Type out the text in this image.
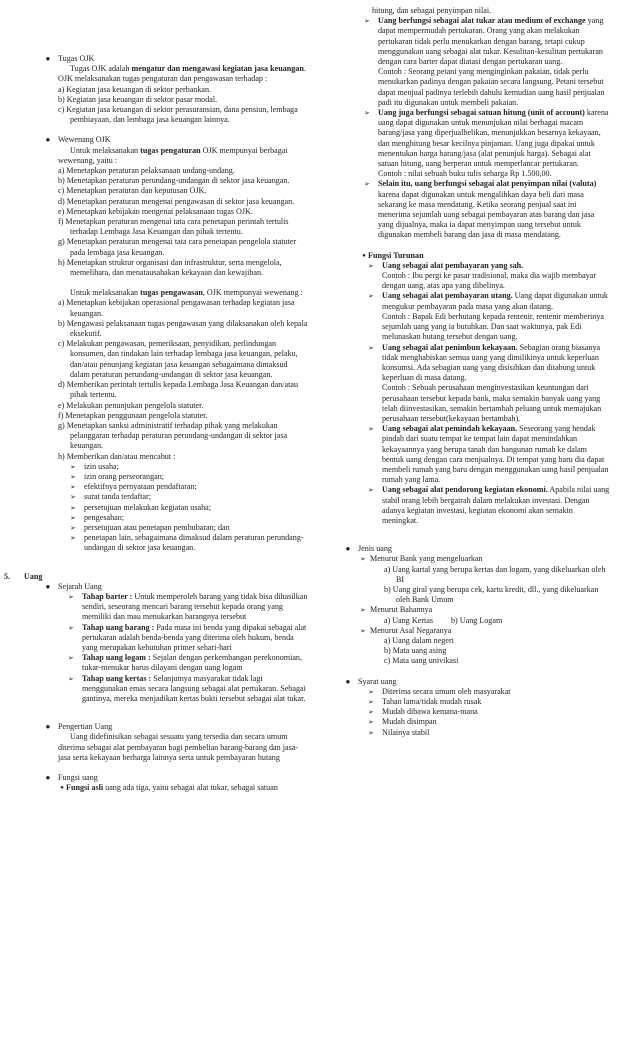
● Tugas OJK

Tugas OJK adalah mengatur dan mengawasi kegiatan jasa keuangan. OJK melaksanakan tugas pengaturan dan pengawasan terhadap :

a) Kegiatan jasa keuangan di sektor perbankan.

b) Kegiatan jasa keuangan di sektor pasar modal.

c) Kegiatan jasa keuangan di sektor perasuransian, dana pensiun, lembaga pembiayaan, dan lembaga jasa keuangan lainnya.

● Wewenang OJK

Untuk melaksanakan tugas pengaturan OJK mempunyai berbagai wewenang, yaitu :

a) Menetapkan peraturan pelaksanaan undang-undang.

b) Menetapkan peraturan perundang-undangan di sektor jasa keuangan.

c) Menetapkan peraturan dan keputusan OJK.

d) Menetapkan peraturan mengenai pengawasan di sektor jasa keuangan.

e) Menetapkan kebijakan mengenai pelaksanaan tugas OJK.

f) Menetapkan peraturan mengenai tata cara penetapan perintah tertulis terhadap Lembaga Jasa Keuangan dan pihak tertentu.

g) Menetapkan peraturan mengenai tata cara penetapan pengelola statuter pada lembaga jasa keuangan.

h) Menetapkan struktur organisasi dan infrastruktur, serta mengelola, memelihara, dan menatausahakan kekayaan dan kewajiban.

Untuk melaksanakan tugas pengawasan, OJK mempunyai wewenang :

a) Menetapkan kebijakan operasional pengawasan terhadap kegiatan jasa keuangan.

b) Mengawasi pelaksanaan tugas pengawasan yang dilaksanakan oleh kepala eksekutif.

c) Melakukan pengawasan, pemeriksaan, penyidikan, perlindungan konsumen, dan tindakan lain terhadap lembaga jasa keuangan, pelaku, dan/atau penunjang kegiatan jasa keuangan sebagaimana dimaksud dalam peraturan perundang-undangan di sektor jasa keuangan.

d) Memberikan perintah tertulis kepada Lembaga Jasa Keuangan dan/atau pihak tertentu.

e) Melakukan penunjukan pengelola statuter.

f) Menetapkan penggunaan pengelola statuter.

g) Menetapkan sanksi administratif terhadap pihak yang melakukan pelanggaran terhadap peraturan perundang-undangan di sektor jasa keuangan.

h) Memberikan dan/atau mencabut :

➢ izin usaha;
➢ izin orang perseorangan;
➢ efektifnya pernyataan pendaftaran;
➢ surat tanda terdaftar;
➢ persetujuan melakukan kegiatan usaha;
➢ pengesahan;
➢ persetujuan atau penetapan pembubaran; dan
➢ penetapan lain, sebagaimana dimaksud dalam peraturan perundang-undangan di sektor jasa keuangan.

5. Uang

● Sejarah Uang

➢ Tahap barter : Untuk memperoleh barang yang tidak bisa dihasilkan sendiri, seseorang mencari barang tersebut kepada orang yang memiliki dan mau menukarkan barangnya tersebut
➢ Tahap uang barang : Pada masa ini benda yang dipakai sebagai alat pertukaran adalah benda-benda yang diterima oleh hukum, benda yang merupakan kebutuhan primer sehari-hari
➢ Tahap uang logam : Sejalan dengan perkembangan perekonomian, tukar-menukar harus dilayani dengan uang logam
➢ Tahap uang kertas : Selanjutnya masyarakat tidak lagi menggunakan emas secara langsung sebagai alat pertukaran. Sebagai gantinya, mereka menjadikan kertas bukti tersebut sebagai alat tukar.
● Pengertian Uang

Uang didefinisikan sebagai sesuatu yang tersedia dan secara umum diterima sebagai alat pembayaran bagi pembelian barang-barang dan jasa-jasa serta kekayaan berharga lainnya serta untuk pembayaran hutang

● Fungsi uang

● Fungsi asli uang ada tiga, yaitu sebagai alat tukar, sebagai satuan

hitung, dan sebagai penyimpan nilai.

➢ Uang berfungsi sebagai alat tukar atau medium of exchange yang dapat mempermudah pertukaran. Orang yang akan melakukan pertukaran tidak perlu menukarkan dengan barang, tetapi cukup menggunakan uang sebagai alat tukar. Kesulitan-kesulitan pertukaran dengan cara barter dapat diatasi dengan pertukaran uang.
Contoh : Seorang petani yang menginginkan pakaian, tidak perlu menukarkan padinya dengan pakaian secara langsung. Petani tersebut dapat menjual padinya terlebih dahulu kemudian uang hasil penjualan padi itu digunakan untuk membeli pakaian.
➢ Uang juga berfungsi sebagai satuan hitung (unit of account) karena uang dapat digunakan untuk menunjukan nilai berbagai macam barang/jasa yang diperjualbelikan, menunjukkan besarnya kekayaan, dan menghitung besar kecilnya pinjaman. Uang juga dipakai untuk menentukan harga barang/jasa (alat penunjuk harga). Sebagai alat satuan hitung, uang berperan untuk memperlancar pertukaran.
Contoh : nilai sebuah buku tulis seharga Rp 1.500,00.
➢ Selain itu, uang berfungsi sebagai alat penyimpan nilai (valuta) karena dapat digunakan untuk mengalihkan daya beli dari masa sekarang ke masa mendatang. Ketika seorang penjual saat ini menerima sejumlah uang sebagai pembayaran atas barang dan jasa yang dijualnya, maka ia dapat menyimpan uang tersebut untuk digunakan membeli barang dan jasa di masa mendatang.
● Fungsi Turunan

➢ Uang sebagai alat pembayaran yang sah.
Contoh : Ibu pergi ke pasar tradisional, maka dia wajib membayar dengan uang, atas apa yang dibelinya.
➢ Uang sebagai alat pembayaran utang. Uang dapat digunakan untuk mengukur pembayaran pada masa yang akan datang.
Contoh : Bapak Edi berhutang kepada rentenir, rentenir memberinya sejumlah uang yang ia butuhkan. Dan saat waktunya, pak Edi melunaskan hutang tersebut dengan uang.
➢ Uang sebagai alat penimbun kekayaan. Sebagian orang biasanya tidak menghabiskan semua uang yang dimilikinya untuk keperluan konsumsi. Ada sebagian uang yang disisihkan dan ditabung untuk keperluan di masa datang.
Contoh : Sebuah perusahaan menginvestasikan keuntungan dari perusahaan tersebut kepada bank, maka semakin banyak uang yang telah diinvestasikan, semakin bertambah peluang untuk memajukan perusahaan tersebut(kekayaan bertambah).
➢ Uang sebagai alat pemindah kekayaan. Seseorang yang hendak pindah dari suatu tempat ke tempat lain dapat memindahkan kekayaannya yang berupa tanah dan bangunan rumah ke dalam bentuk uang dengan cara menjualnya. Di tempat yang baru dia dapat membeli rumah yang baru dengan menggunakan uang hasil penjualan rumah yang lama.
➢ Uang sebagai alat pendorong kegiatan ekonomi. Apabila nilai uang stabil orang lebih bergairah dalam melakukan investasi. Dengan adanya kegiatan investasi, kegiatan ekonomi akan semakin meningkat.
● Jenis uang

➢ Menurut Bank yang mengeluarkan

a) Uang kartal yang berupa kertas dan logam, yang dikeluarkan oleh BI

b) Uang giral yang berupa cek, kartu kredit, dll., yang dikeluarkan oleh Bank Umum

➢ Menurut Bahannya

a) Uang Kertas b) Uang Logam

➢ Menurut Asal Negaranya

a) Uang dalam negeri

b) Mata uang asing

c) Mata uang univikasi

● Syarat uang

➢ Diterima secara umum oleh masyarakat
➢ Tahan lama/tidak mudah rusak
➢ Mudah dibawa kemana-mana
➢ Mudah disimpan
➢ Nilainya stabil
